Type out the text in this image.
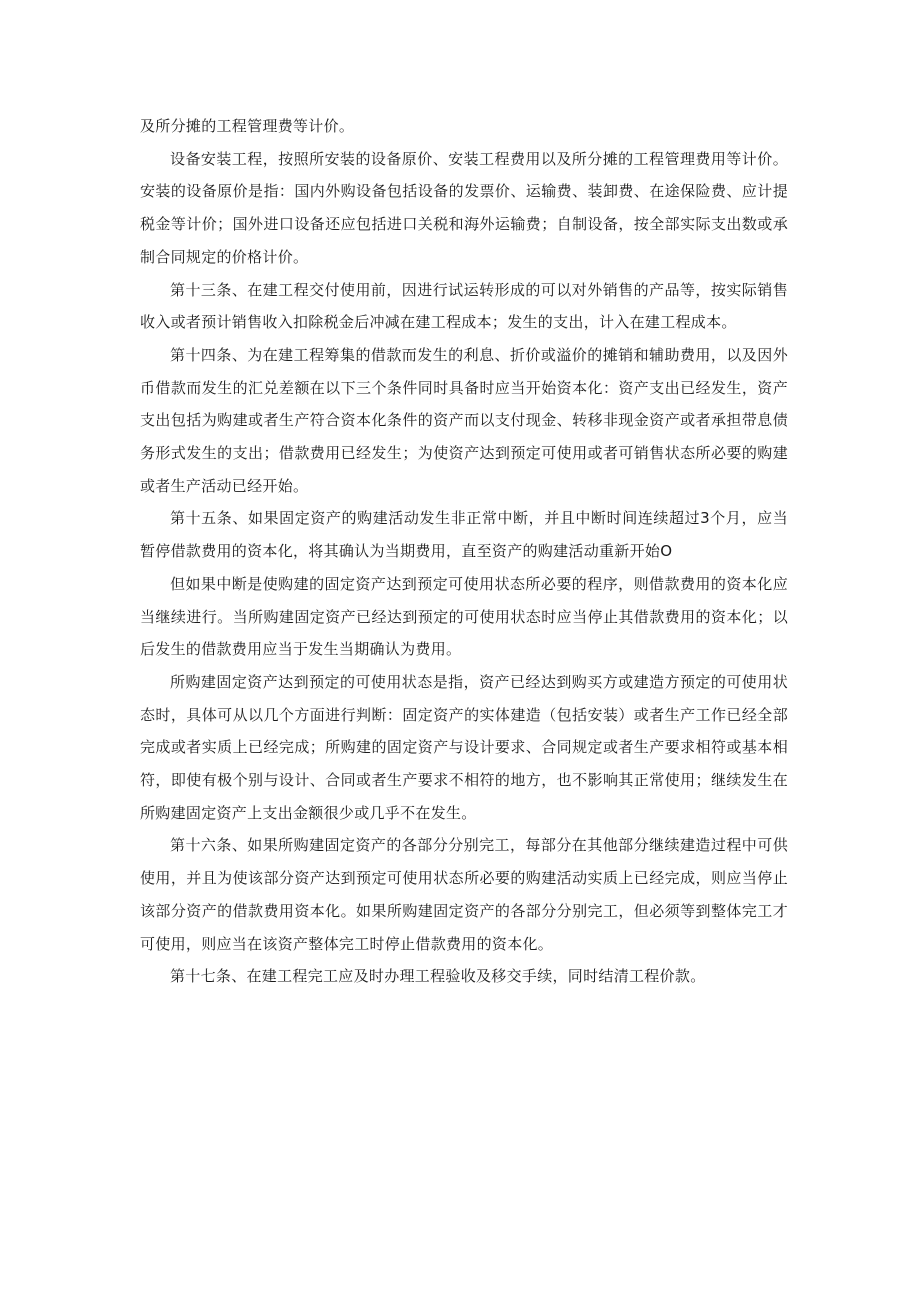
及所分摊的工程管理费等计价。

设备安装工程，按照所安装的设备原价、安装工程费用以及所分摊的工程管理费用等计价。安装的设备原价是指：国内外购设备包括设备的发票价、运输费、装卸费、在途保险费、应计提税金等计价；国外进口设备还应包括进口关税和海外运输费；自制设备，按全部实际支出数或承制合同规定的价格计价。

第十三条、在建工程交付使用前，因进行试运转形成的可以对外销售的产品等，按实际销售收入或者预计销售收入扣除税金后冲减在建工程成本；发生的支出，计入在建工程成本。

第十四条、为在建工程筹集的借款而发生的利息、折价或溢价的摊销和辅助费用，以及因外币借款而发生的汇兑差额在以下三个条件同时具备时应当开始资本化：资产支出已经发生，资产支出包括为购建或者生产符合资本化条件的资产而以支付现金、转移非现金资产或者承担带息债务形式发生的支出；借款费用已经发生；为使资产达到预定可使用或者可销售状态所必要的购建或者生产活动已经开始。

第十五条、如果固定资产的购建活动发生非正常中断，并且中断时间连续超过3个月，应当暂停借款费用的资本化，将其确认为当期费用，直至资产的购建活动重新开始O

但如果中断是使购建的固定资产达到预定可使用状态所必要的程序，则借款费用的资本化应当继续进行。当所购建固定资产已经达到预定的可使用状态时应当停止其借款费用的资本化；以后发生的借款费用应当于发生当期确认为费用。

所购建固定资产达到预定的可使用状态是指，资产已经达到购买方或建造方预定的可使用状态时，具体可从以几个方面进行判断：固定资产的实体建造（包括安装）或者生产工作已经全部完成或者实质上已经完成；所购建的固定资产与设计要求、合同规定或者生产要求相符或基本相符，即使有极个别与设计、合同或者生产要求不相符的地方，也不影响其正常使用；继续发生在所购建固定资产上支出金额很少或几乎不在发生。

第十六条、如果所购建固定资产的各部分分别完工，每部分在其他部分继续建造过程中可供使用，并且为使该部分资产达到预定可使用状态所必要的购建活动实质上已经完成，则应当停止该部分资产的借款费用资本化。如果所购建固定资产的各部分分别完工，但必须等到整体完工才可使用，则应当在该资产整体完工时停止借款费用的资本化。

第十七条、在建工程完工应及时办理工程验收及移交手续，同时结清工程价款。
